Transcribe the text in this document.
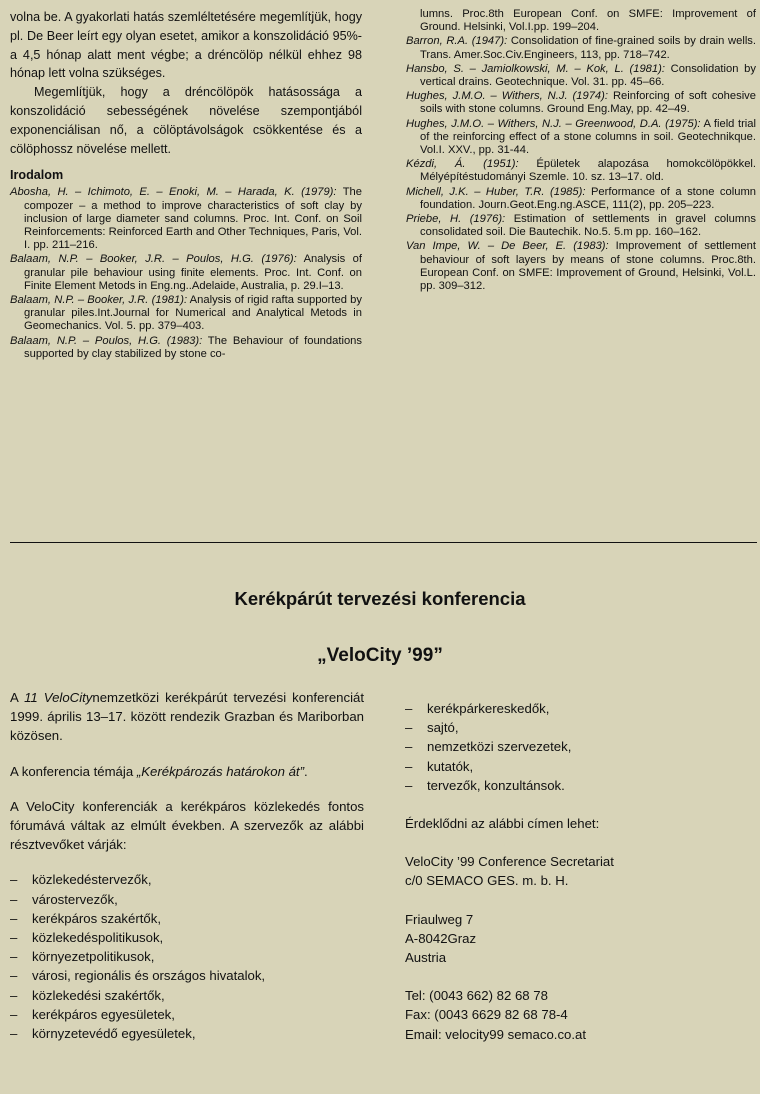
volna be. A gyakorlati hatás szemléltetésére megemlítjük, hogy pl. De Beer leírt egy olyan esetet, amikor a konszolidáció 95%-a 4,5 hónap alatt ment végbe; a dréncölöp nélkül ehhez 98 hónap lett volna szükséges.

Megemlítjük, hogy a dréncölöpök hatásossága a konszolidáció sebességének növelése szempontjából exponenciálisan nő, a cölöptávolságok csökkentése és a cölöphossz növelése mellett.

Irodalom

Abosha, H. – Ichimoto, E. – Enoki, M. – Harada, K. (1979): The compozer – a method to improve characteristics of soft clay by inclusion of large diameter sand columns. Proc. Int. Conf. on Soil Reinforcements: Reinforced Earth and Other Techniques, Paris, Vol. I. pp. 211–216.

Balaam, N.P. – Booker, J.R. – Poulos, H.G. (1976): Analysis of granular pile behaviour using finite elements. Proc. Int. Conf. on Finite Element Metods in Eng.ng..Adelaide, Australia, p. 29.I–13.

Balaam, N.P. – Booker, J.R. (1981): Analysis of rigid rafta supported by granular piles.Int.Journal for Numerical and Analytical Metods in Geomechanics. Vol. 5. pp. 379–403.

Balaam, N.P. – Poulos, H.G. (1983): The Behaviour of foundations supported by clay stabilized by stone co-

lumns. Proc.8th European Conf. on SMFE: Improvement of Ground. Helsinki, Vol.I.pp. 199–204.

Barron, R.A. (1947): Consolidation of fine-grained soils by drain wells. Trans. Amer.Soc.Civ.Engineers, 113, pp. 718–742.

Hansbo, S. – Jamiolkowski, M. – Kok, L. (1981): Consolidation by vertical drains. Geotechnique. Vol. 31. pp. 45–66.

Hughes, J.M.O. – Withers, N.J. (1974): Reinforcing of soft cohesive soils with stone columns. Ground Eng.May, pp. 42–49.

Hughes, J.M.O. – Withers, N.J. – Greenwood, D.A. (1975): A field trial of the reinforcing effect of a stone columns in soil. Geotechnikque. Vol.I. XXV., pp. 31-44.

Kézdi, Á. (1951): Épületek alapozása homokcölöpökkel. Mélyépítéstudományi Szemle. 10. sz. 13–17. old.

Michell, J.K. – Huber, T.R. (1985): Performance of a stone column foundation. Journ.Geot.Eng.ng.ASCE, 111(2), pp. 205–223.

Priebe, H. (1976): Estimation of settlements in gravel columns consolidated soil. Die Bautechik. No.5. 5.m pp. 160–162.

Van Impe, W. – De Beer, E. (1983): Improvement of settlement behaviour of soft layers by means of stone columns. Proc.8th. European Conf. on SMFE: Improvement of Ground, Helsinki, Vol.L. pp. 309–312.

Kerékpárút tervezési konferencia
„VeloCity ’99”

A 11 VeloCitynemzetközi kerékpárút tervezési konferenciát 1999. április 13–17. között rendezik Grazban és Mariborban közösen.

A konferencia témája „Kerékpározás határokon át”.

A VeloCity konferenciák a kerékpáros közlekedés fontos fórumává váltak az elmúlt években. A szervezők az alábbi résztvevőket várják:

– közlekedéstervezők,
– várostervezők,
– kerékpáros szakértők,
– közlekedéspolitikusok,
– környezetpolitikusok,
– városi, regionális és országos hivatalok,
– közlekedési szakértők,
– kerékpáros egyesületek,
– környzetevédő egyesületek,
– kerékpárkereskedők,
– sajtó,
– nemzetközi szervezetek,
– kutatók,
– tervezők, konzultánsok.

Érdeklődni az alábbi címen lehet:

VeloCity ’99 Conference Secretariat

c/0 SEMACO GES. m. b. H.

Friaulweg 7

A-8042Graz

Austria

Tel: (0043 662) 82 68 78

Fax: (0043 6629 82 68 78-4

Email: velocity99 semaco.co.at
